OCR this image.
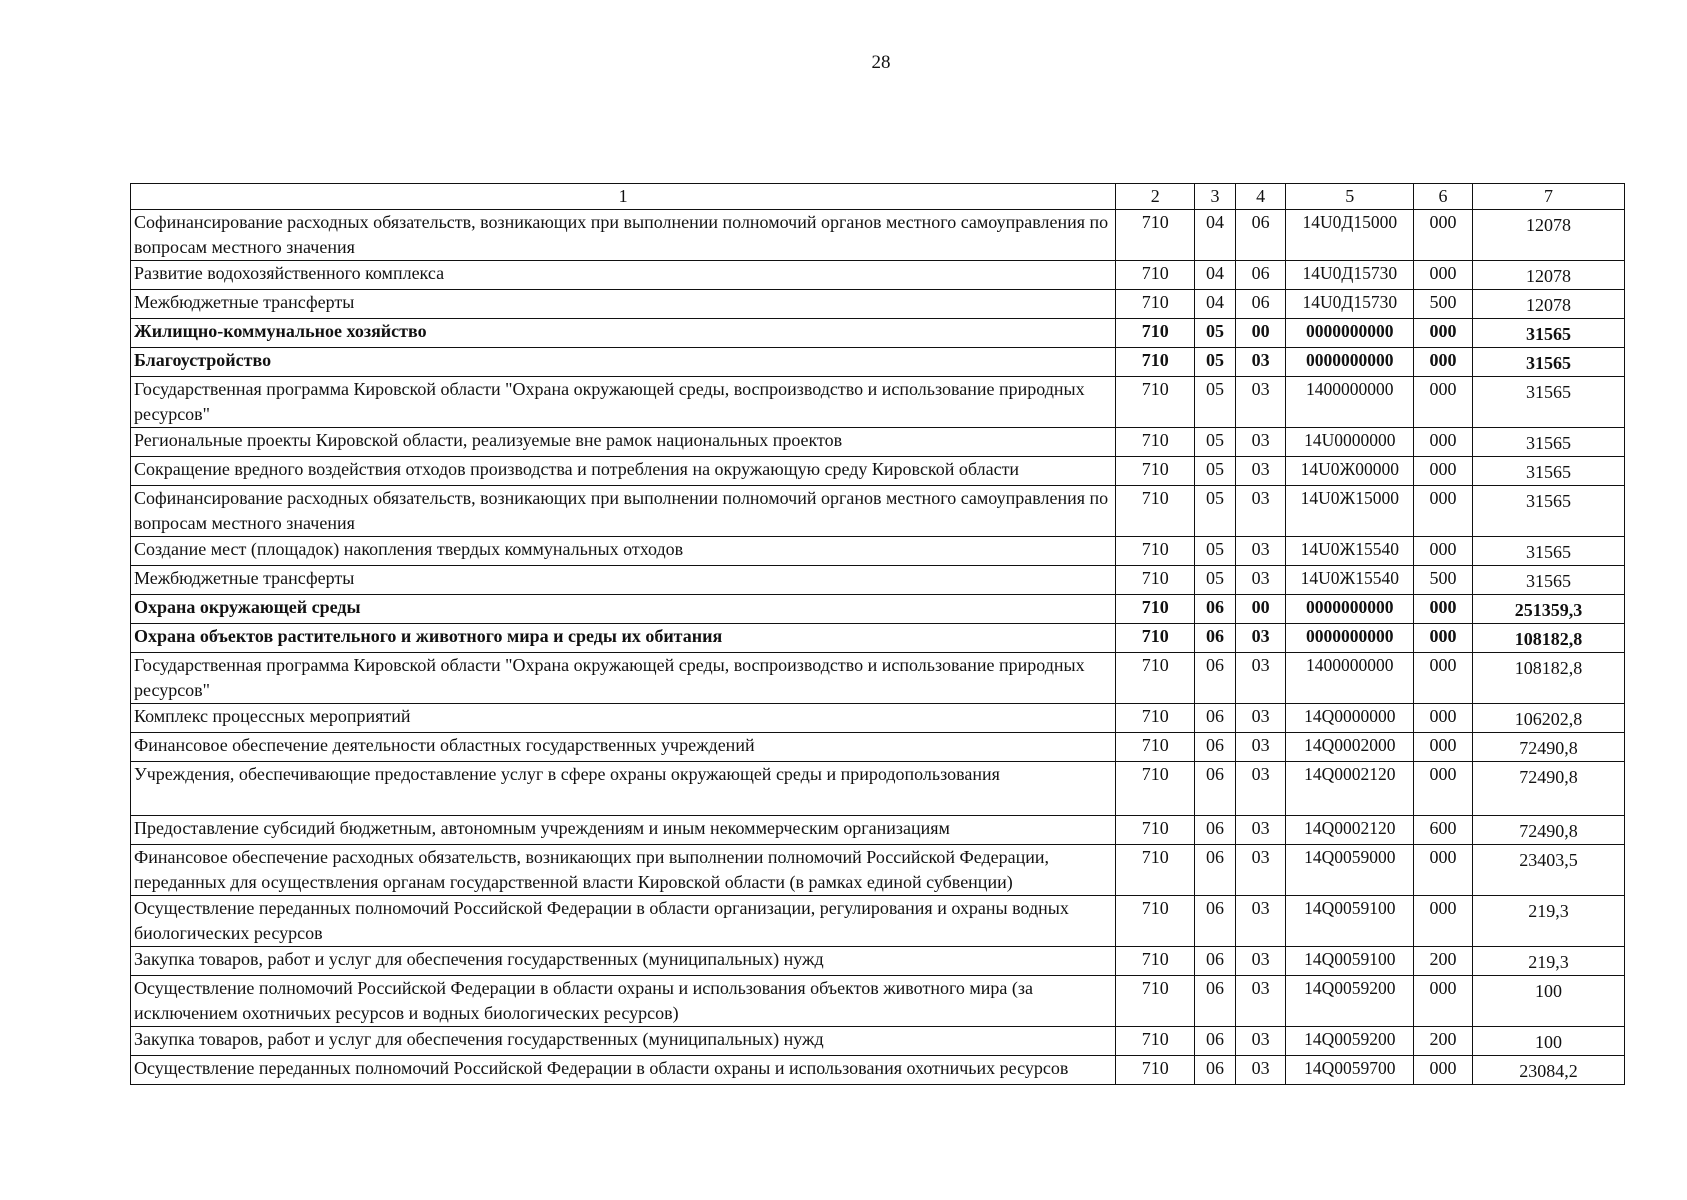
28
1	2	3	4	5	6	7
Софинансирование расходных обязательств, возникающих при выполнении полномочий органов местного самоуправления по вопросам местного значения	710	04	06	14U0Д15000	000	12078
Развитие водохозяйственного комплекса	710	04	06	14U0Д15730	000	12078
Межбюджетные трансферты	710	04	06	14U0Д15730	500	12078
Жилищно-коммунальное хозяйство	710	05	00	0000000000	000	31565
Благоустройство	710	05	03	0000000000	000	31565
Государственная программа Кировской области "Охрана окружающей среды, воспроизводство и использование природных ресурсов"	710	05	03	1400000000	000	31565
Региональные проекты Кировской области, реализуемые вне рамок национальных проектов	710	05	03	14U0000000	000	31565
Сокращение вредного воздействия отходов производства и потребления на окружающую среду Кировской области	710	05	03	14U0Ж00000	000	31565
Софинансирование расходных обязательств, возникающих при выполнении полномочий органов местного самоуправления по вопросам местного значения	710	05	03	14U0Ж15000	000	31565
Создание мест (площадок) накопления твердых коммунальных отходов	710	05	03	14U0Ж15540	000	31565
Межбюджетные трансферты	710	05	03	14U0Ж15540	500	31565
Охрана окружающей среды	710	06	00	0000000000	000	251359,3
Охрана объектов растительного и животного мира и среды их обитания	710	06	03	0000000000	000	108182,8
Государственная программа Кировской области "Охрана окружающей среды, воспроизводство и использование природных ресурсов"	710	06	03	1400000000	000	108182,8
Комплекс процессных мероприятий	710	06	03	14Q0000000	000	106202,8
Финансовое обеспечение деятельности областных государственных учреждений	710	06	03	14Q0002000	000	72490,8
Учреждения, обеспечивающие предоставление услуг в сфере охраны окружающей среды и природопользования	710	06	03	14Q0002120	000	72490,8
Предоставление субсидий бюджетным, автономным учреждениям и иным некоммерческим организациям	710	06	03	14Q0002120	600	72490,8
Финансовое обеспечение расходных обязательств, возникающих при выполнении полномочий Российской Федерации, переданных для осуществления органам государственной власти Кировской области (в рамках единой субвенции)	710	06	03	14Q0059000	000	23403,5
Осуществление переданных полномочий Российской Федерации в области организации, регулирования и охраны водных биологических ресурсов	710	06	03	14Q0059100	000	219,3
Закупка товаров, работ и услуг для обеспечения государственных (муниципальных) нужд	710	06	03	14Q0059100	200	219,3
Осуществление полномочий Российской Федерации в области охраны и использования объектов животного мира (за исключением охотничьих ресурсов и водных биологических ресурсов)	710	06	03	14Q0059200	000	100
Закупка товаров, работ и услуг для обеспечения государственных (муниципальных) нужд	710	06	03	14Q0059200	200	100
Осуществление переданных полномочий Российской Федерации в области охраны и использования охотничьих ресурсов	710	06	03	14Q0059700	000	23084,2
